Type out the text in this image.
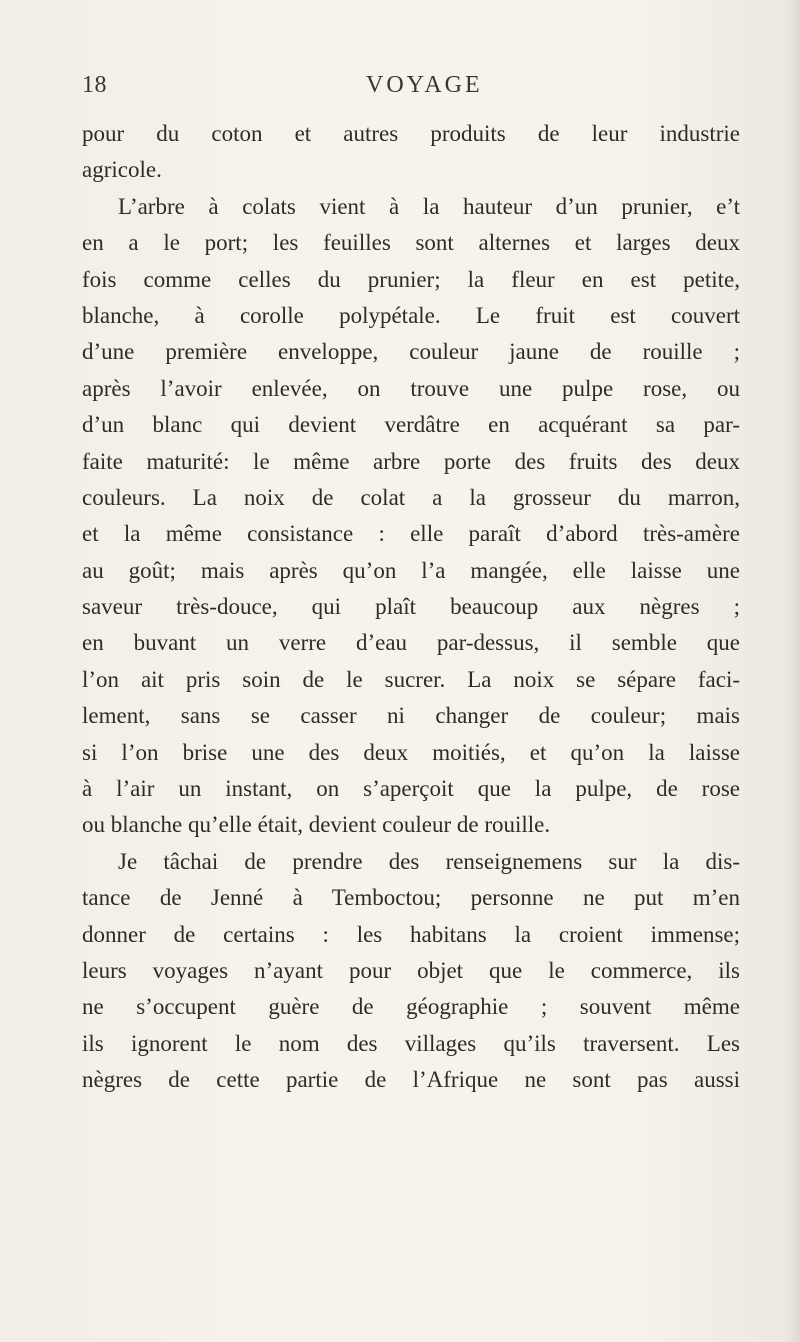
18	VOYAGE
pour du coton et autres produits de leur industrie
agricole.
L’arbre à colats vient à la hauteur d’un prunier, e’t
en a le port; les feuilles sont alternes et larges deux
fois comme celles du prunier; la fleur en est petite,
blanche, à corolle polypétale. Le fruit est couvert
d’une première enveloppe, couleur jaune de rouille ;
après l’avoir enlevée, on trouve une pulpe rose, ou
d’un blanc qui devient verdâtre en acquérant sa par-
faite maturité: le même arbre porte des fruits des deux
couleurs. La noix de colat a la grosseur du marron,
et la même consistance : elle paraît d’abord très-amère
au goût; mais après qu’on l’a mangée, elle laisse une
saveur très-douce, qui plaît beaucoup aux nègres ;
en buvant un verre d’eau par-dessus, il semble que
l’on ait pris soin de le sucrer. La noix se sépare faci-
lement, sans se casser ni changer de couleur; mais
si l’on brise une des deux moitiés, et qu’on la laisse
à l’air un instant, on s’aperçoit que la pulpe, de rose
ou blanche qu’elle était, devient couleur de rouille.
Je tâchai de prendre des renseignemens sur la dis-
tance de Jenné à Temboctou; personne ne put m’en
donner de certains : les habitans la croient immense;
leurs voyages n’ayant pour objet que le commerce, ils
ne s’occupent guère de géographie ; souvent même
ils ignorent le nom des villages qu’ils traversent. Les
nègres de cette partie de l’Afrique ne sont pas aussi
